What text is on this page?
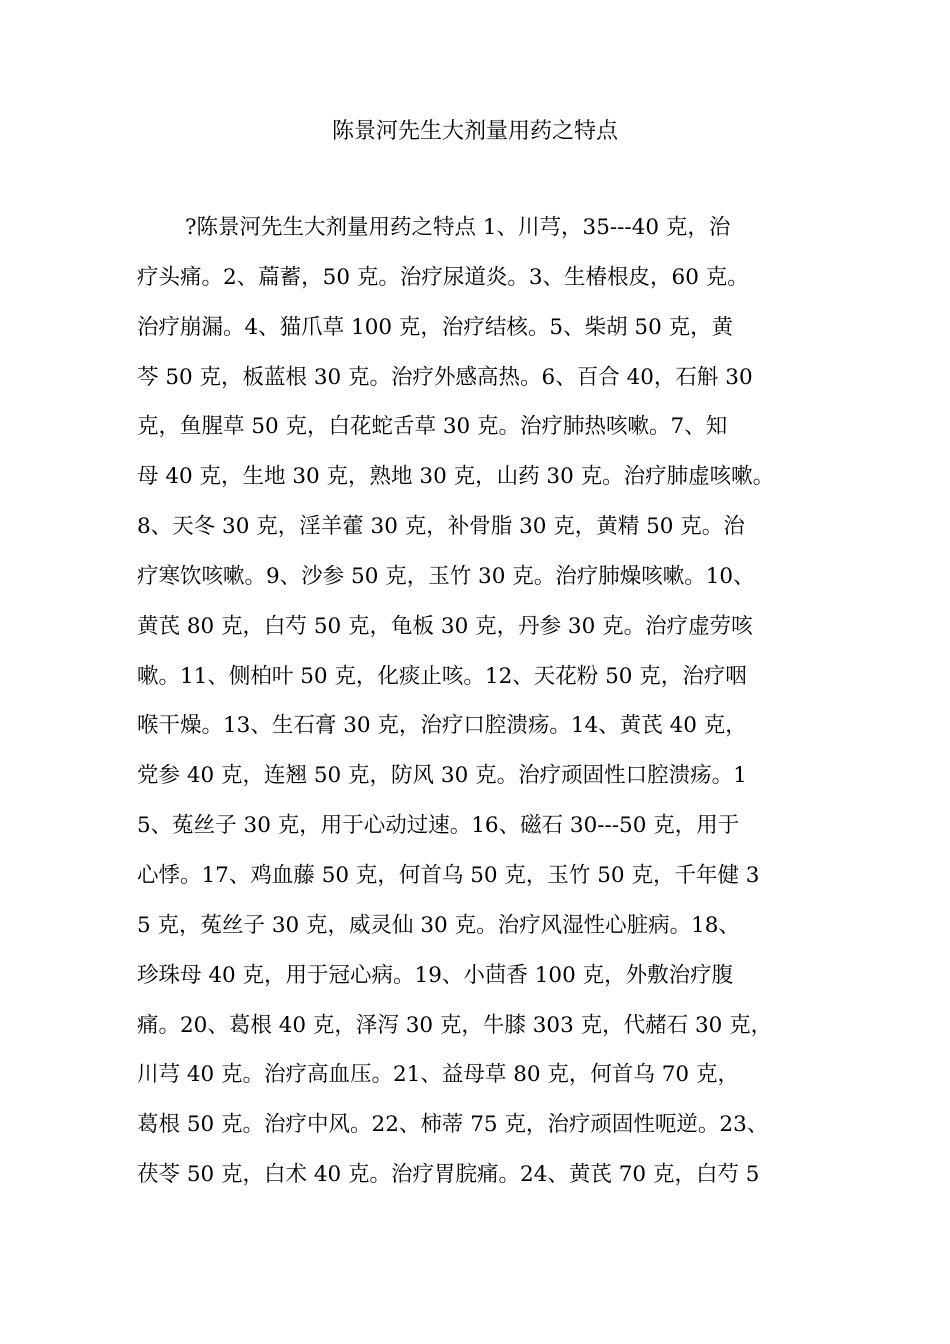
陈景河先生大剂量用药之特点
?陈景河先生大剂量用药之特点 1、川芎，35---40 克，治
疗头痛。2、萹蓄，50 克。治疗尿道炎。3、生椿根皮，60 克。
治疗崩漏。4、猫爪草 100 克，治疗结核。5、柴胡 50 克，黄
芩 50 克，板蓝根 30 克。治疗外感高热。6、百合 40，石斛 30
克，鱼腥草 50 克，白花蛇舌草 30 克。治疗肺热咳嗽。7、知
母 40 克，生地 30 克，熟地 30 克，山药 30 克。治疗肺虚咳嗽。
8、天冬 30 克，淫羊藿 30 克，补骨脂 30 克，黄精 50 克。治
疗寒饮咳嗽。9、沙参 50 克，玉竹 30 克。治疗肺燥咳嗽。10、
黄芪 80 克，白芍 50 克，龟板 30 克，丹参 30 克。治疗虚劳咳
嗽。11、侧柏叶 50 克，化痰止咳。12、天花粉 50 克，治疗咽
喉干燥。13、生石膏 30 克，治疗口腔溃疡。14、黄芪 40 克，
党参 40 克，连翘 50 克，防风 30 克。治疗顽固性口腔溃疡。1
5、菟丝子 30 克，用于心动过速。16、磁石 30---50 克，用于
心悸。17、鸡血藤 50 克，何首乌 50 克，玉竹 50 克，千年健 3
5 克，菟丝子 30 克，威灵仙 30 克。治疗风湿性心脏病。18、
珍珠母 40 克，用于冠心病。19、小茴香 100 克，外敷治疗腹
痛。20、葛根 40 克，泽泻 30 克，牛膝 303 克，代赭石 30 克，
川芎 40 克。治疗高血压。21、益母草 80 克，何首乌 70 克，
葛根 50 克。治疗中风。22、柿蒂 75 克，治疗顽固性呃逆。23、
茯苓 50 克，白术 40 克。治疗胃脘痛。24、黄芪 70 克，白芍 5
